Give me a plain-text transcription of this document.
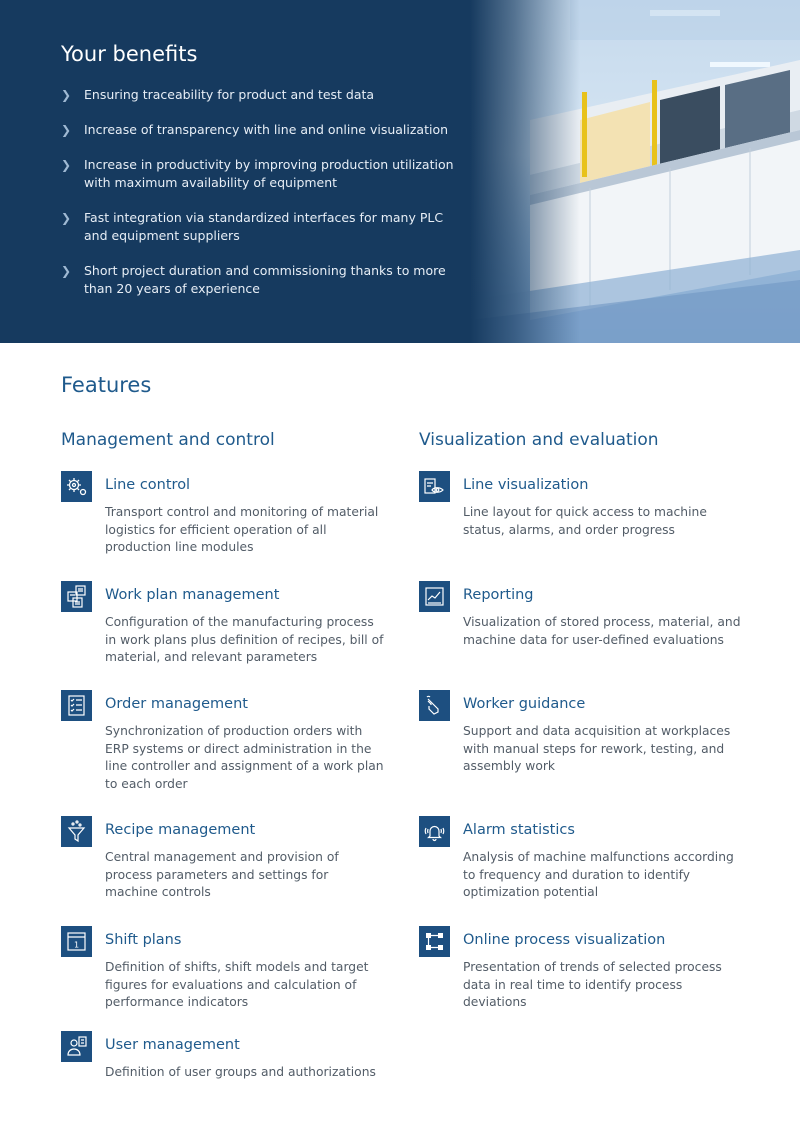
Your benefits
❯ Ensuring traceability for product and test data
❯ Increase of transparency with line and online visualization
❯ Increase in productivity by improving production utilization with maximum availability of equipment
❯ Fast integration via standardized interfaces for many PLC and equipment suppliers
❯ Short project duration and commissioning thanks to more than 20 years of experience
Features
Management and control	Visualization and evaluation
Line control
Transport control and monitoring of material logistics for efficient operation of all production line modules
Work plan management
Configuration of the manufacturing process in work plans plus definition of recipes, bill of material, and relevant parameters
Order management
Synchronization of production orders with ERP systems or direct administration in the line controller and assignment of a work plan to each order
Recipe management
Central management and provision of process parameters and settings for machine controls
1 Shift plans
Definition of shifts, shift models and target figures for evaluations and calculation of performance indicators
User management
Definition of user groups and authorizations
Line visualization
Line layout for quick access to machine status, alarms, and order progress
Reporting
Visualization of stored process, material, and machine data for user-defined evaluations
Worker guidance
Support and data acquisition at workplaces with manual steps for rework, testing, and assembly work
Alarm statistics
Analysis of machine malfunctions according to frequency and duration to identify optimization potential
Online process visualization
Presentation of trends of selected process data in real time to identify process deviations
